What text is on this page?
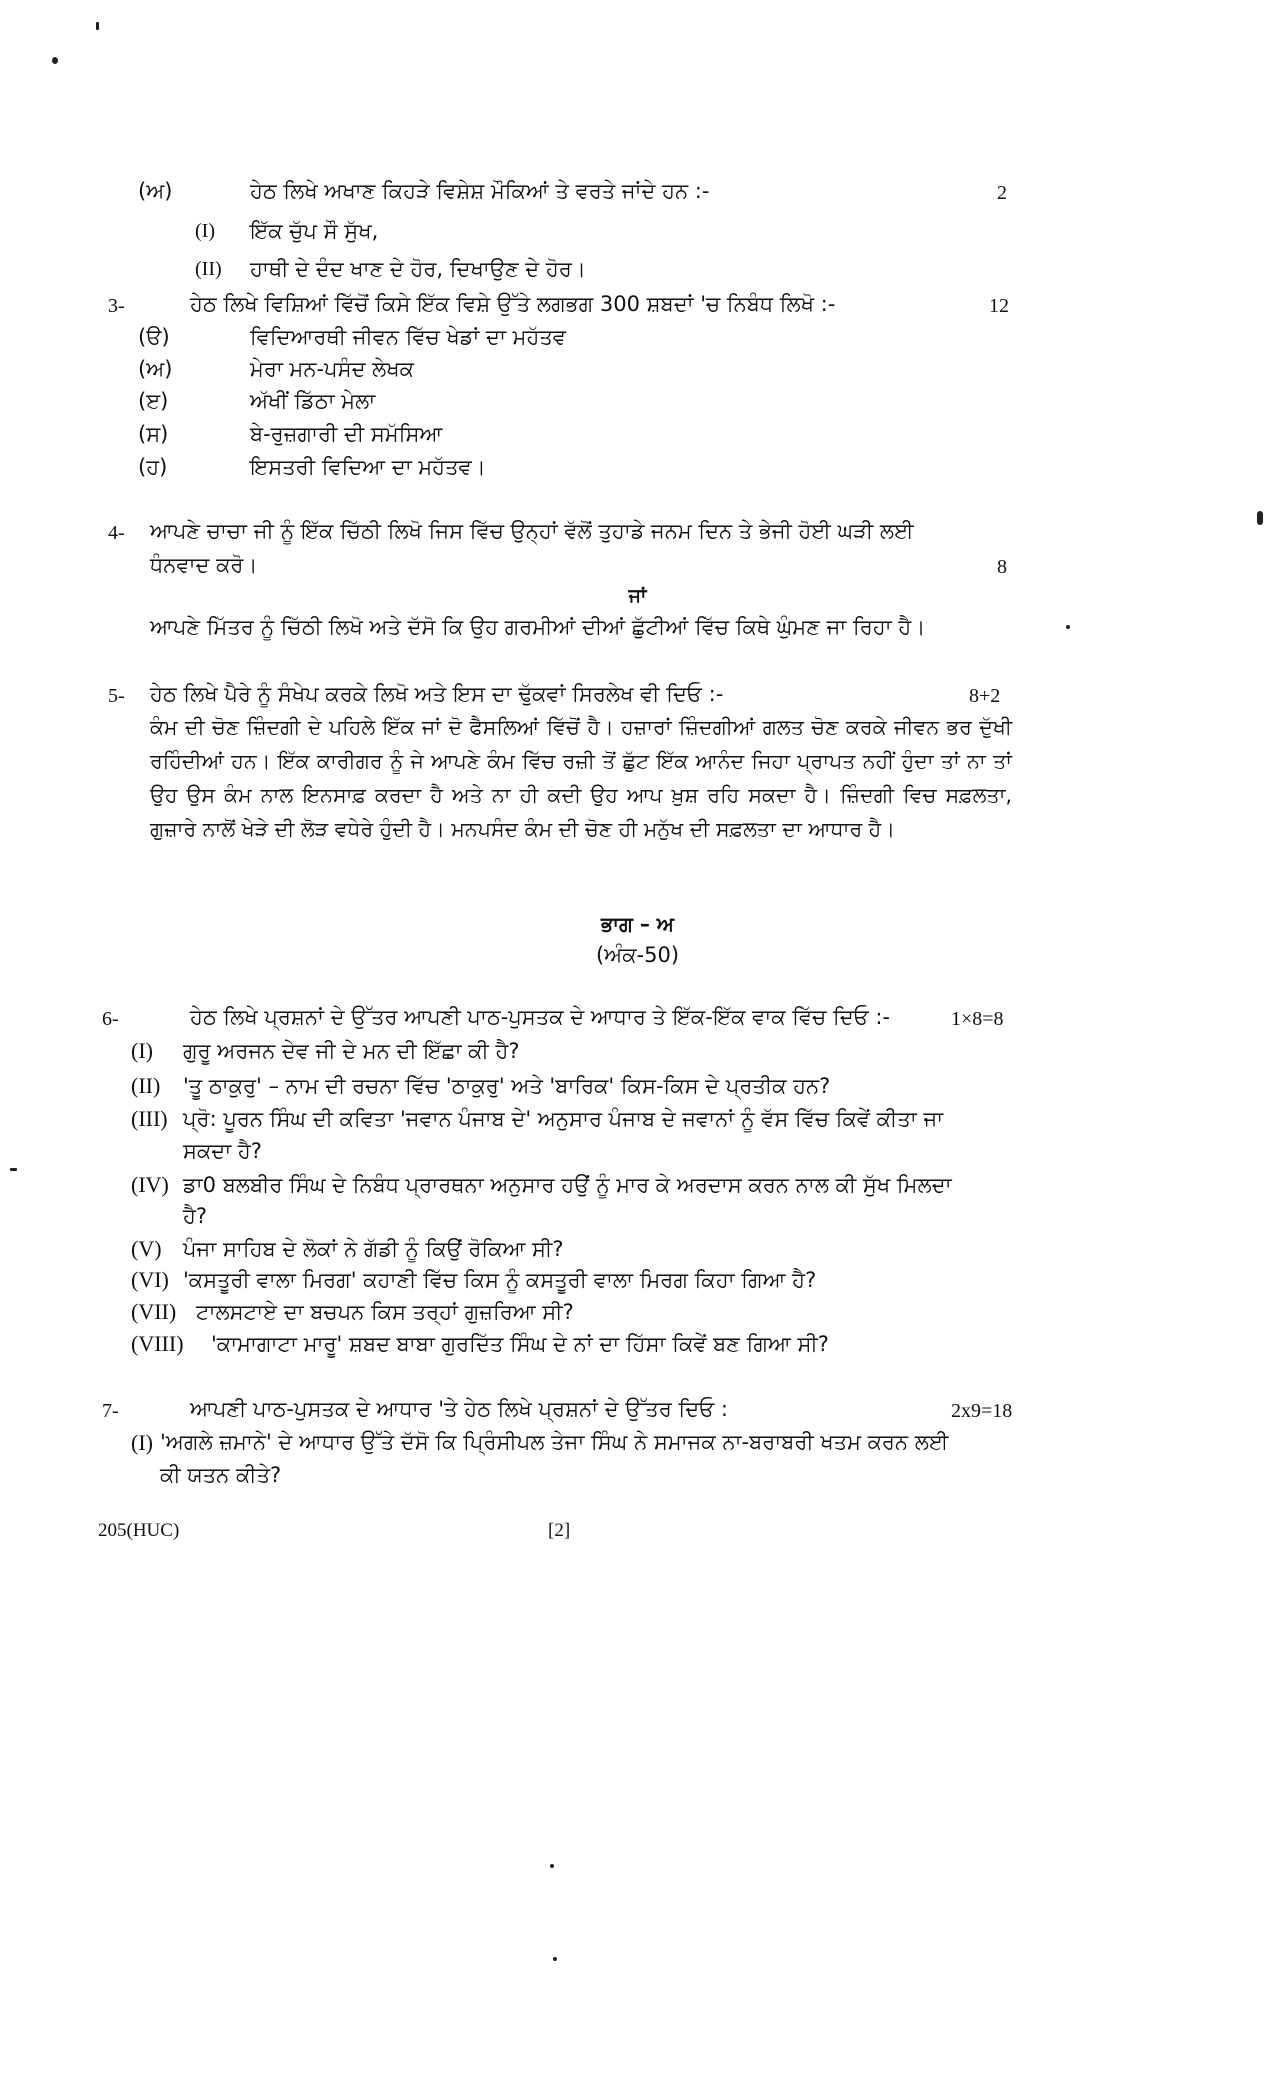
(ਅ)	ਹੇਠ ਲਿਖੇ ਅਖਾਣ ਕਿਹੜੇ ਵਿਸ਼ੇਸ਼ ਮੌਕਿਆਂ ਤੇ ਵਰਤੇ ਜਾਂਦੇ ਹਨ :-	2
(I) ਇੱਕ ਚੁੱਪ ਸੌ ਸੁੱਖ,
(II) ਹਾਥੀ ਦੇ ਦੰਦ ਖਾਣ ਦੇ ਹੋਰ, ਦਿਖਾਉਣ ਦੇ ਹੋਰ।
3-	ਹੇਠ ਲਿਖੇ ਵਿਸ਼ਿਆਂ ਵਿੱਚੋਂ ਕਿਸੇ ਇੱਕ ਵਿਸ਼ੇ ਉੱਤੇ ਲਗਭਗ 300 ਸ਼ਬਦਾਂ 'ਚ ਨਿਬੰਧ ਲਿਖੋ :-	12
(ੳ)	ਵਿਦਿਆਰਥੀ ਜੀਵਨ ਵਿੱਚ ਖੇਡਾਂ ਦਾ ਮਹੱਤਵ
(ਅ)	ਮੇਰਾ ਮਨ-ਪਸੰਦ ਲੇਖਕ
(ੲ)	ਅੱਖੀਂ ਡਿੱਠਾ ਮੇਲਾ
(ਸ)	ਬੇ-ਰੁਜ਼ਗਾਰੀ ਦੀ ਸਮੱਸਿਆ
(ਹ)	ਇਸਤਰੀ ਵਿਦਿਆ ਦਾ ਮਹੱਤਵ।
4- ਆਪਣੇ ਚਾਚਾ ਜੀ ਨੂੰ ਇੱਕ ਚਿੱਠੀ ਲਿਖੋ ਜਿਸ ਵਿੱਚ ਉਨ੍ਹਾਂ ਵੱਲੋਂ ਤੁਹਾਡੇ ਜਨਮ ਦਿਨ ਤੇ ਭੇਜੀ ਹੋਈ ਘੜੀ ਲਈ
ਧੰਨਵਾਦ ਕਰੋ।	8
ਜਾਂ
ਆਪਣੇ ਮਿੱਤਰ ਨੂੰ ਚਿੱਠੀ ਲਿਖੋ ਅਤੇ ਦੱਸੋ ਕਿ ਉਹ ਗਰਮੀਆਂ ਦੀਆਂ ਛੁੱਟੀਆਂ ਵਿੱਚ ਕਿਥੇ ਘੁੰਮਣ ਜਾ ਰਿਹਾ ਹੈ।
5- ਹੇਠ ਲਿਖੇ ਪੈਰੇ ਨੂੰ ਸੰਖੇਪ ਕਰਕੇ ਲਿਖੋ ਅਤੇ ਇਸ ਦਾ ਢੁੱਕਵਾਂ ਸਿਰਲੇਖ ਵੀ ਦਿਓ :-	8+2
ਕੰਮ ਦੀ ਚੋਣ ਜ਼ਿੰਦਗੀ ਦੇ ਪਹਿਲੇ ਇੱਕ ਜਾਂ ਦੋ ਫੈਸਲਿਆਂ ਵਿੱਚੋਂ ਹੈ। ਹਜ਼ਾਰਾਂ ਜ਼ਿੰਦਗੀਆਂ ਗਲਤ ਚੋਣ ਕਰਕੇ ਜੀਵਨ ਭਰ ਦੁੱਖੀ ਰਹਿੰਦੀਆਂ ਹਨ। ਇੱਕ ਕਾਰੀਗਰ ਨੂੰ ਜੇ ਆਪਣੇ ਕੰਮ ਵਿੱਚ ਰਜ਼ੀ ਤੋਂ ਛੁੱਟ ਇੱਕ ਆਨੰਦ ਜਿਹਾ ਪ੍ਰਾਪਤ ਨਹੀਂ ਹੁੰਦਾ ਤਾਂ ਨਾ ਤਾਂ ਉਹ ਉਸ ਕੰਮ ਨਾਲ ਇਨਸਾਫ਼ ਕਰਦਾ ਹੈ ਅਤੇ ਨਾ ਹੀ ਕਦੀ ਉਹ ਆਪ ਖ਼ੁਸ਼ ਰਹਿ ਸਕਦਾ ਹੈ। ਜ਼ਿੰਦਗੀ ਵਿਚ ਸਫ਼ਲਤਾ, ਗੁਜ਼ਾਰੇ ਨਾਲੋਂ ਖੇੜੇ ਦੀ ਲੋੜ ਵਧੇਰੇ ਹੁੰਦੀ ਹੈ। ਮਨਪਸੰਦ ਕੰਮ ਦੀ ਚੋਣ ਹੀ ਮਨੁੱਖ ਦੀ ਸਫ਼ਲਤਾ ਦਾ ਆਧਾਰ ਹੈ।
ਭਾਗ – ਅ
(ਅੰਕ-50)
6-	ਹੇਠ ਲਿਖੇ ਪ੍ਰਸ਼ਨਾਂ ਦੇ ਉੱਤਰ ਆਪਣੀ ਪਾਠ-ਪੁਸਤਕ ਦੇ ਆਧਾਰ ਤੇ ਇੱਕ-ਇੱਕ ਵਾਕ ਵਿੱਚ ਦਿਓ :-	1×8=8
(I) ਗੁਰੂ ਅਰਜਨ ਦੇਵ ਜੀ ਦੇ ਮਨ ਦੀ ਇੱਛਾ ਕੀ ਹੈ?
(II) 'ਤੂ ਠਾਕੁਰੁ' – ਨਾਮ ਦੀ ਰਚਨਾ ਵਿੱਚ 'ਠਾਕੁਰੁ' ਅਤੇ 'ਬਾਰਿਕ' ਕਿਸ-ਕਿਸ ਦੇ ਪ੍ਰਤੀਕ ਹਨ?
(III) ਪ੍ਰੋ: ਪੂਰਨ ਸਿੰਘ ਦੀ ਕਵਿਤਾ 'ਜਵਾਨ ਪੰਜਾਬ ਦੇ' ਅਨੁਸਾਰ ਪੰਜਾਬ ਦੇ ਜਵਾਨਾਂ ਨੂੰ ਵੱਸ ਵਿੱਚ ਕਿਵੇਂ ਕੀਤਾ ਜਾ
ਸਕਦਾ ਹੈ?
(IV) ਡਾ0 ਬਲਬੀਰ ਸਿੰਘ ਦੇ ਨਿਬੰਧ ਪ੍ਰਾਰਥਨਾ ਅਨੁਸਾਰ ਹਉਂ ਨੂੰ ਮਾਰ ਕੇ ਅਰਦਾਸ ਕਰਨ ਨਾਲ ਕੀ ਸੁੱਖ ਮਿਲਦਾ
ਹੈ?
(V) ਪੰਜਾ ਸਾਹਿਬ ਦੇ ਲੋਕਾਂ ਨੇ ਗੱਡੀ ਨੂੰ ਕਿਉਂ ਰੋਕਿਆ ਸੀ?
(VI) 'ਕਸਤੂਰੀ ਵਾਲਾ ਮਿਰਗ' ਕਹਾਣੀ ਵਿੱਚ ਕਿਸ ਨੂੰ ਕਸਤੂਰੀ ਵਾਲਾ ਮਿਰਗ ਕਿਹਾ ਗਿਆ ਹੈ?
(VII) ਟਾਲਸਟਾਏ ਦਾ ਬਚਪਨ ਕਿਸ ਤਰ੍ਹਾਂ ਗੁਜ਼ਰਿਆ ਸੀ?
(VIII) 'ਕਾਮਾਗਾਟਾ ਮਾਰੂ' ਸ਼ਬਦ ਬਾਬਾ ਗੁਰਦਿੱਤ ਸਿੰਘ ਦੇ ਨਾਂ ਦਾ ਹਿੱਸਾ ਕਿਵੇਂ ਬਣ ਗਿਆ ਸੀ?
7-	ਆਪਣੀ ਪਾਠ-ਪੁਸਤਕ ਦੇ ਆਧਾਰ 'ਤੇ ਹੇਠ ਲਿਖੇ ਪ੍ਰਸ਼ਨਾਂ ਦੇ ਉੱਤਰ ਦਿਓ :	2x9=18
(I) 'ਅਗਲੇ ਜ਼ਮਾਨੇ' ਦੇ ਆਧਾਰ ਉੱਤੇ ਦੱਸੋ ਕਿ ਪ੍ਰਿੰਸੀਪਲ ਤੇਜਾ ਸਿੰਘ ਨੇ ਸਮਾਜਕ ਨਾ-ਬਰਾਬਰੀ ਖਤਮ ਕਰਨ ਲਈ
ਕੀ ਯਤਨ ਕੀਤੇ?
205(HUC)	[2]
